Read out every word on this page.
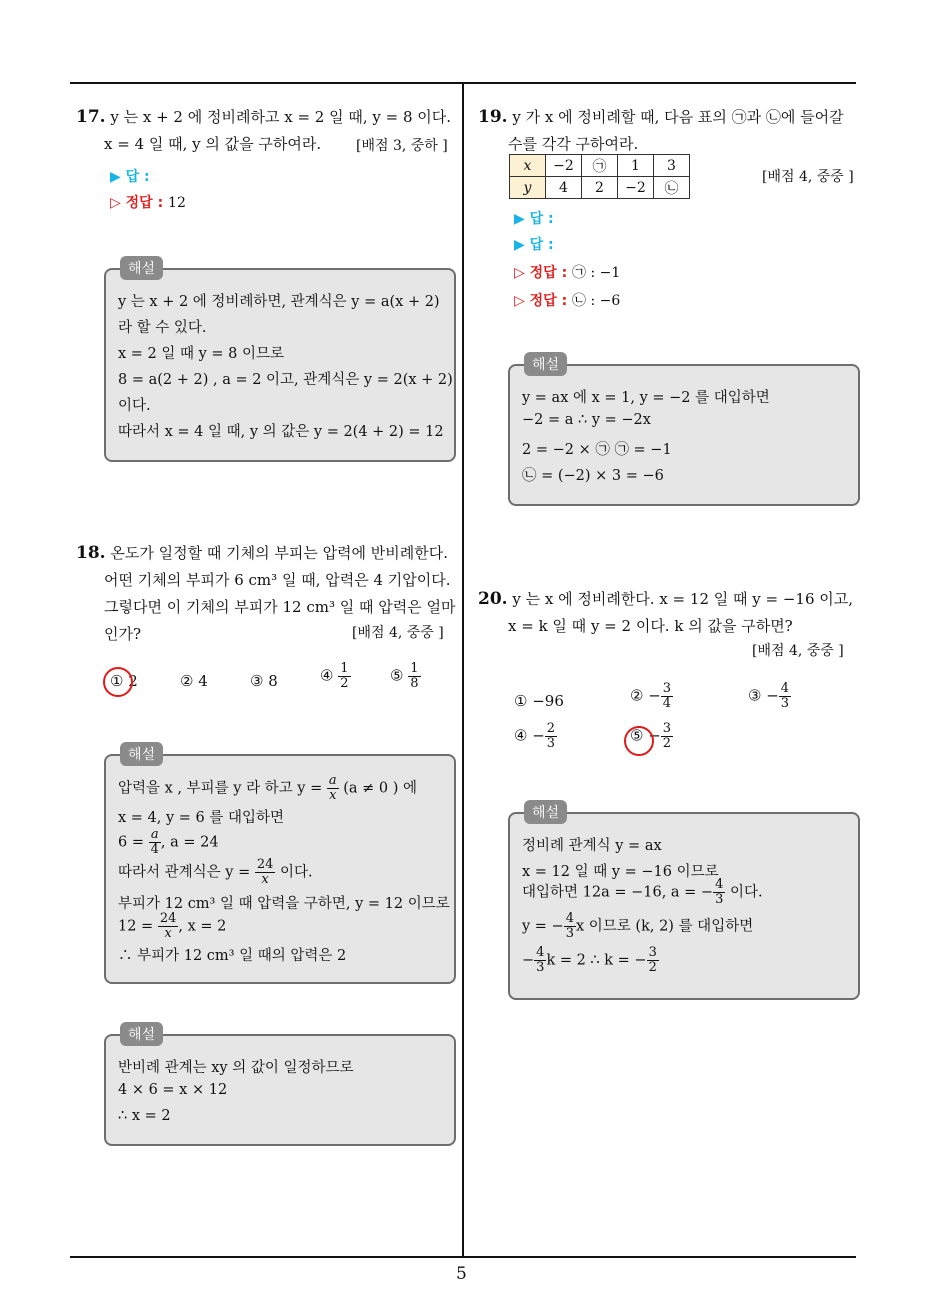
5
17. y 는 x + 2 에 정비례하고 x = 2 일 때, y = 8 이다.
x = 4 일 때, y 의 값을 구하여라.	[배점 3, 중하 ]
▶ 답 :
▷ 정답 : 12
해설
y 는 x + 2 에 정비례하면, 관계식은 y = a(x + 2)
라 할 수 있다.
x = 2 일 때 y = 8 이므로
8 = a(2 + 2) , a = 2 이고, 관계식은 y = 2(x + 2)
이다.
따라서 x = 4 일 때, y 의 값은 y = 2(4 + 2) = 12
18. 온도가 일정할 때 기체의 부피는 압력에 반비례한다.
어떤 기체의 부피가 6 cm³ 일 때, 압력은 4 기압이다.
그렇다면 이 기체의 부피가 12 cm³ 일 때 압력은 얼마
인가?	[배점 4, 중중 ]
① 2	② 4	③ 8	④ $\frac{1}{2}$	⑤ $\frac{1}{8}$
해설
압력을 x , 부피를 y 라 하고 $y = \frac{a}{x} (a \ne 0$ ) 에
x = 4, y = 6 를 대입하면
$6 = \frac{a}{4}$ , a = 24
따라서 관계식은 $y = \frac{24}{x}$ 이다.
부피가 12 cm³ 일 때 압력을 구하면, y = 12 이므로
$12 = \frac{24}{x}$ , x = 2
∴ 부피가 12 cm³ 일 때의 압력은 2
해설
반비례 관계는 xy 의 값이 일정하므로
4 × 6 = x × 12
∴ x = 2
19. y 가 x 에 정비례할 때, 다음 표의 ㉠과 ㉡에 들어갈
수를 각각 구하여라.
x	−2	㉠	1	3
y	4	2	−2	㉡
[배점 4, 중중 ]
▶ 답 :
▶ 답 :
▷ 정답 : ㉠ : −1
▷ 정답 : ㉡ : −6
해설
y = ax 에 x = 1, y = −2 를 대입하면
−2 = a ∴ y = −2x
2 = −2 × ㉠ ㉠ = −1
㉡ = (−2) × 3 = −6
20. y 는 x 에 정비례한다. x = 12 일 때 y = −16 이고,
x = k 일 때 y = 2 이다. k 의 값을 구하면?
[배점 4, 중중 ]
① −96	② − $\frac{3}{4}$	③ − $\frac{4}{3}$
④ − $\frac{2}{3}$	⑤ − $\frac{3}{2}$
해설
정비례 관계식 y = ax
x = 12 일 때 y = −16 이므로
대입하면 12a = −16, a = − $\frac{4}{3}$ 이다.
y = − $\frac{4}{3}$ x 이므로 (k, 2) 를 대입하면
− $\frac{4}{3}$ k = 2 ∴ k = − $\frac{3}{2}$
